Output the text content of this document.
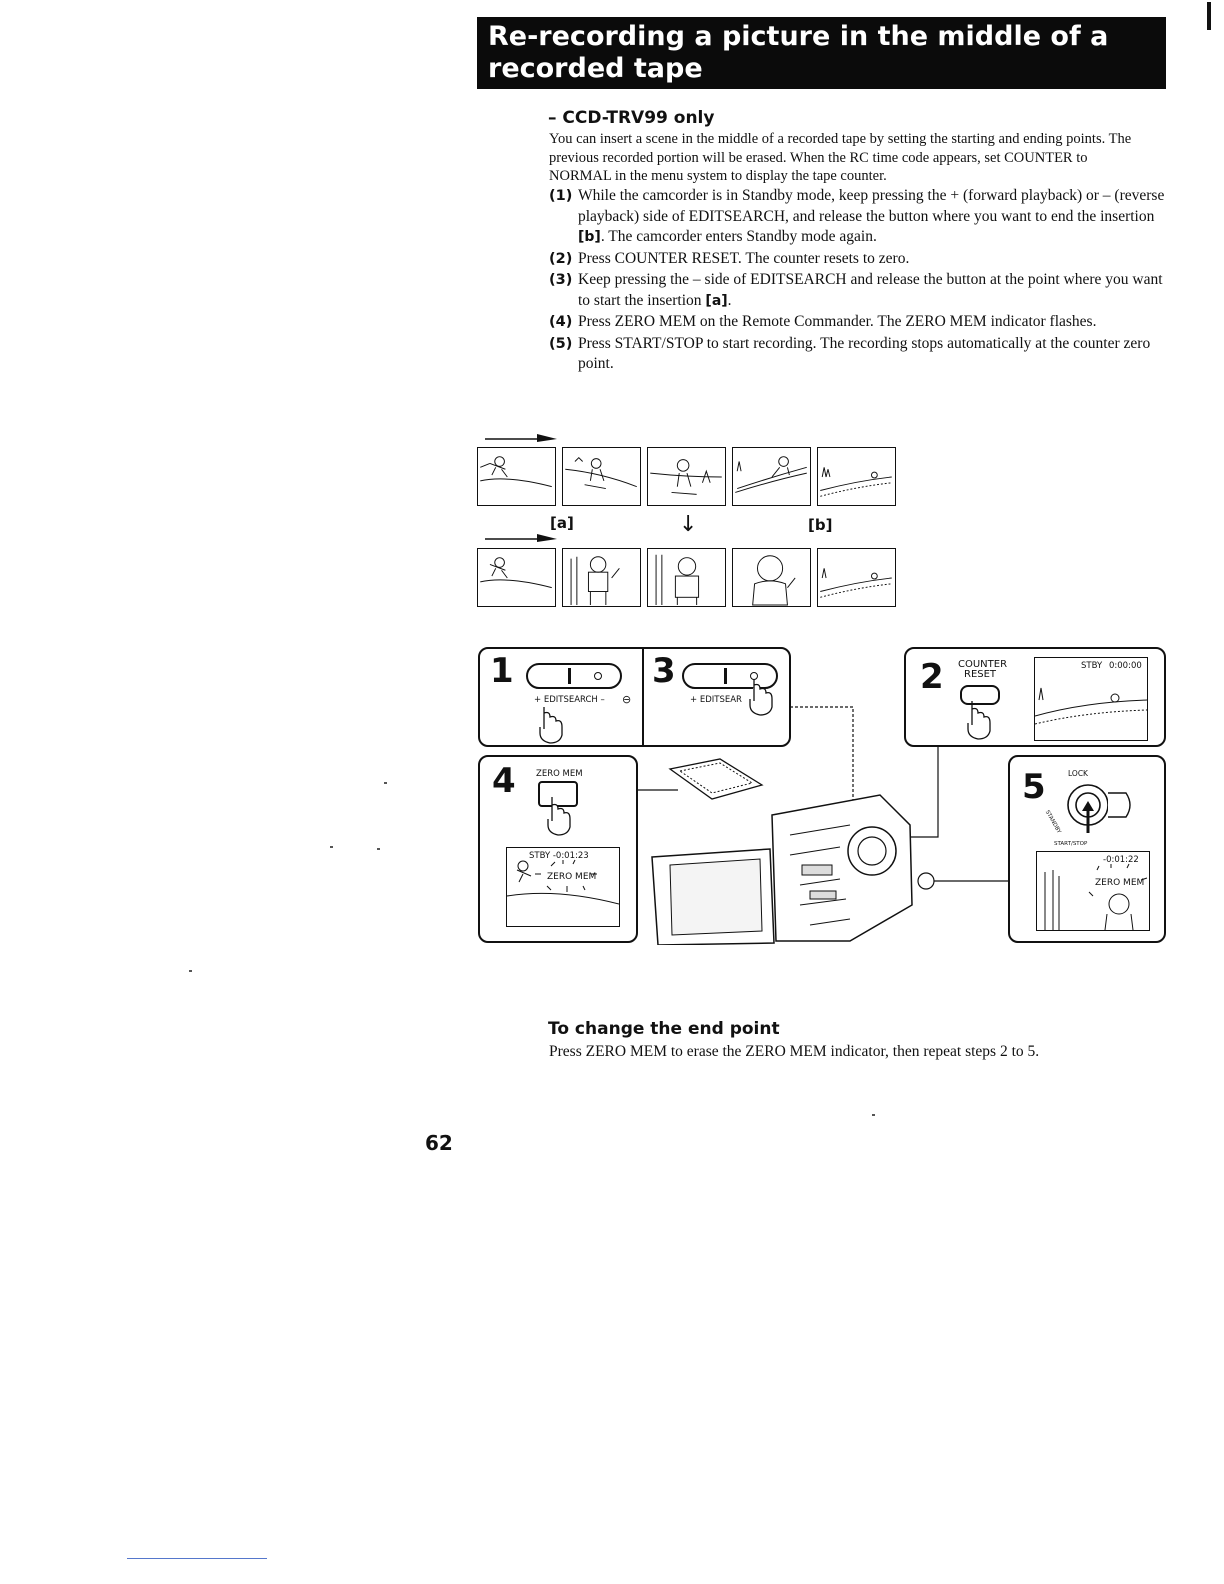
Re-recording a picture in the middle of a
recorded tape
– CCD-TRV99 only
You can insert a scene in the middle of a recorded tape by setting the starting and ending points. The previous recorded portion will be erased. When the RC time code appears, set COUNTER to NORMAL in the menu system to display the tape counter.
(1) While the camcorder is in Standby mode, keep pressing the + (forward playback) or – (reverse playback) side of EDITSEARCH, and release the button where you want to end the insertion [b]. The camcorder enters Standby mode again.
(2) Press COUNTER RESET. The counter resets to zero.
(3) Keep pressing the – side of EDITSEARCH and release the button at the point where you want to start the insertion [a].
(4) Press ZERO MEM on the Remote Commander. The ZERO MEM indicator flashes.
(5) Press START/STOP to start recording. The recording stops automatically at the counter zero point.
[a]	↓	[b]
1
+ EDITSEARCH – ⊖
3
+ EDITSEAR
2 COUNTER
RESET
STBY 0:00:00
4 ZERO MEM
STBY -0:01:23
ZERO MEM
5	LOCK
START/STOP
STANDBY
-0:01:22
ZERO MEM
To change the end point
Press ZERO MEM to erase the ZERO MEM indicator, then repeat steps 2 to 5.
62
